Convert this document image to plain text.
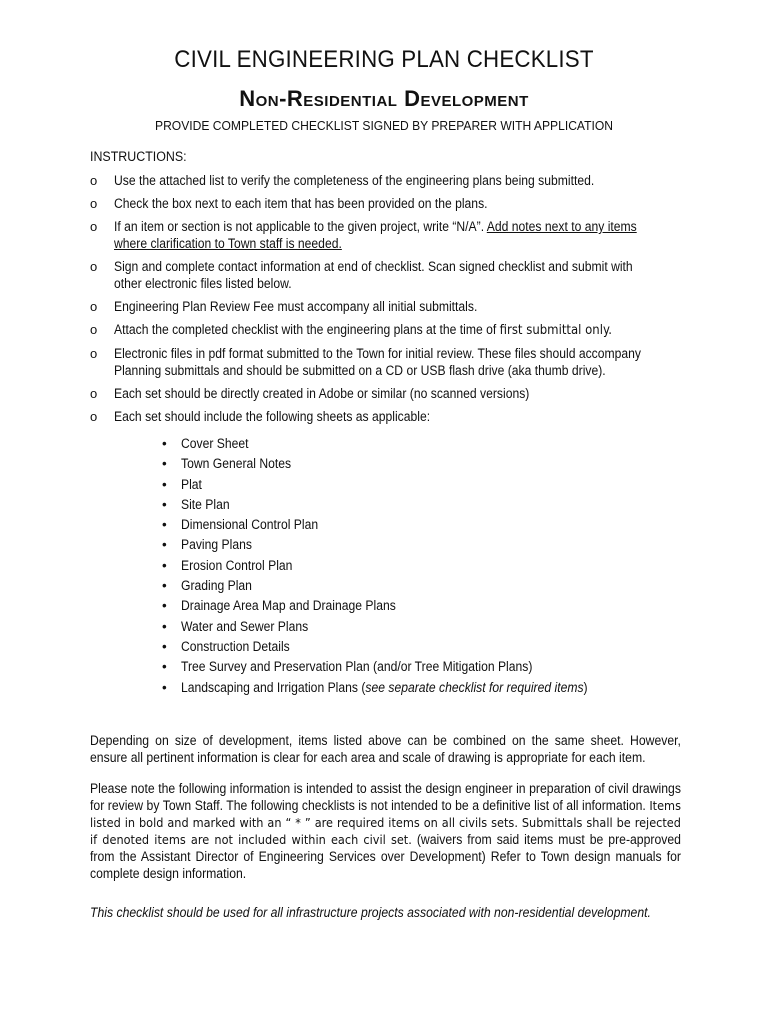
CIVIL ENGINEERING PLAN CHECKLIST
Non-Residential Development
PROVIDE COMPLETED CHECKLIST SIGNED BY PREPARER WITH APPLICATION
INSTRUCTIONS:
o Use the attached list to verify the completeness of the engineering plans being submitted.
o Check the box next to each item that has been provided on the plans.
o If an item or section is not applicable to the given project, write “N/A”. Add notes next to any items where clarification to Town staff is needed.
o Sign and complete contact information at end of checklist. Scan signed checklist and submit with other electronic files listed below.
o Engineering Plan Review Fee must accompany all initial submittals.
o Attach the completed checklist with the engineering plans at the time of first submittal only.
o Electronic files in pdf format submitted to the Town for initial review. These files should accompany Planning submittals and should be submitted on a CD or USB flash drive (aka thumb drive).
o Each set should be directly created in Adobe or similar (no scanned versions)
o Each set should include the following sheets as applicable:
• Cover Sheet
• Town General Notes
• Plat
• Site Plan
• Dimensional Control Plan
• Paving Plans
• Erosion Control Plan
• Grading Plan
• Drainage Area Map and Drainage Plans
• Water and Sewer Plans
• Construction Details
• Tree Survey and Preservation Plan (and/or Tree Mitigation Plans)
• Landscaping and Irrigation Plans (see separate checklist for required items)
Depending on size of development, items listed above can be combined on the same sheet. However, ensure all pertinent information is clear for each area and scale of drawing is appropriate for each item.
Please note the following information is intended to assist the design engineer in preparation of civil drawings for review by Town Staff. The following checklists is not intended to be a definitive list of all information. Items listed in bold and marked with an “ * ” are required items on all civils sets. Submittals shall be rejected if denoted items are not included within each civil set. (waivers from said items must be pre-approved from the Assistant Director of Engineering Services over Development) Refer to Town design manuals for complete design information.
This checklist should be used for all infrastructure projects associated with non-residential development.
